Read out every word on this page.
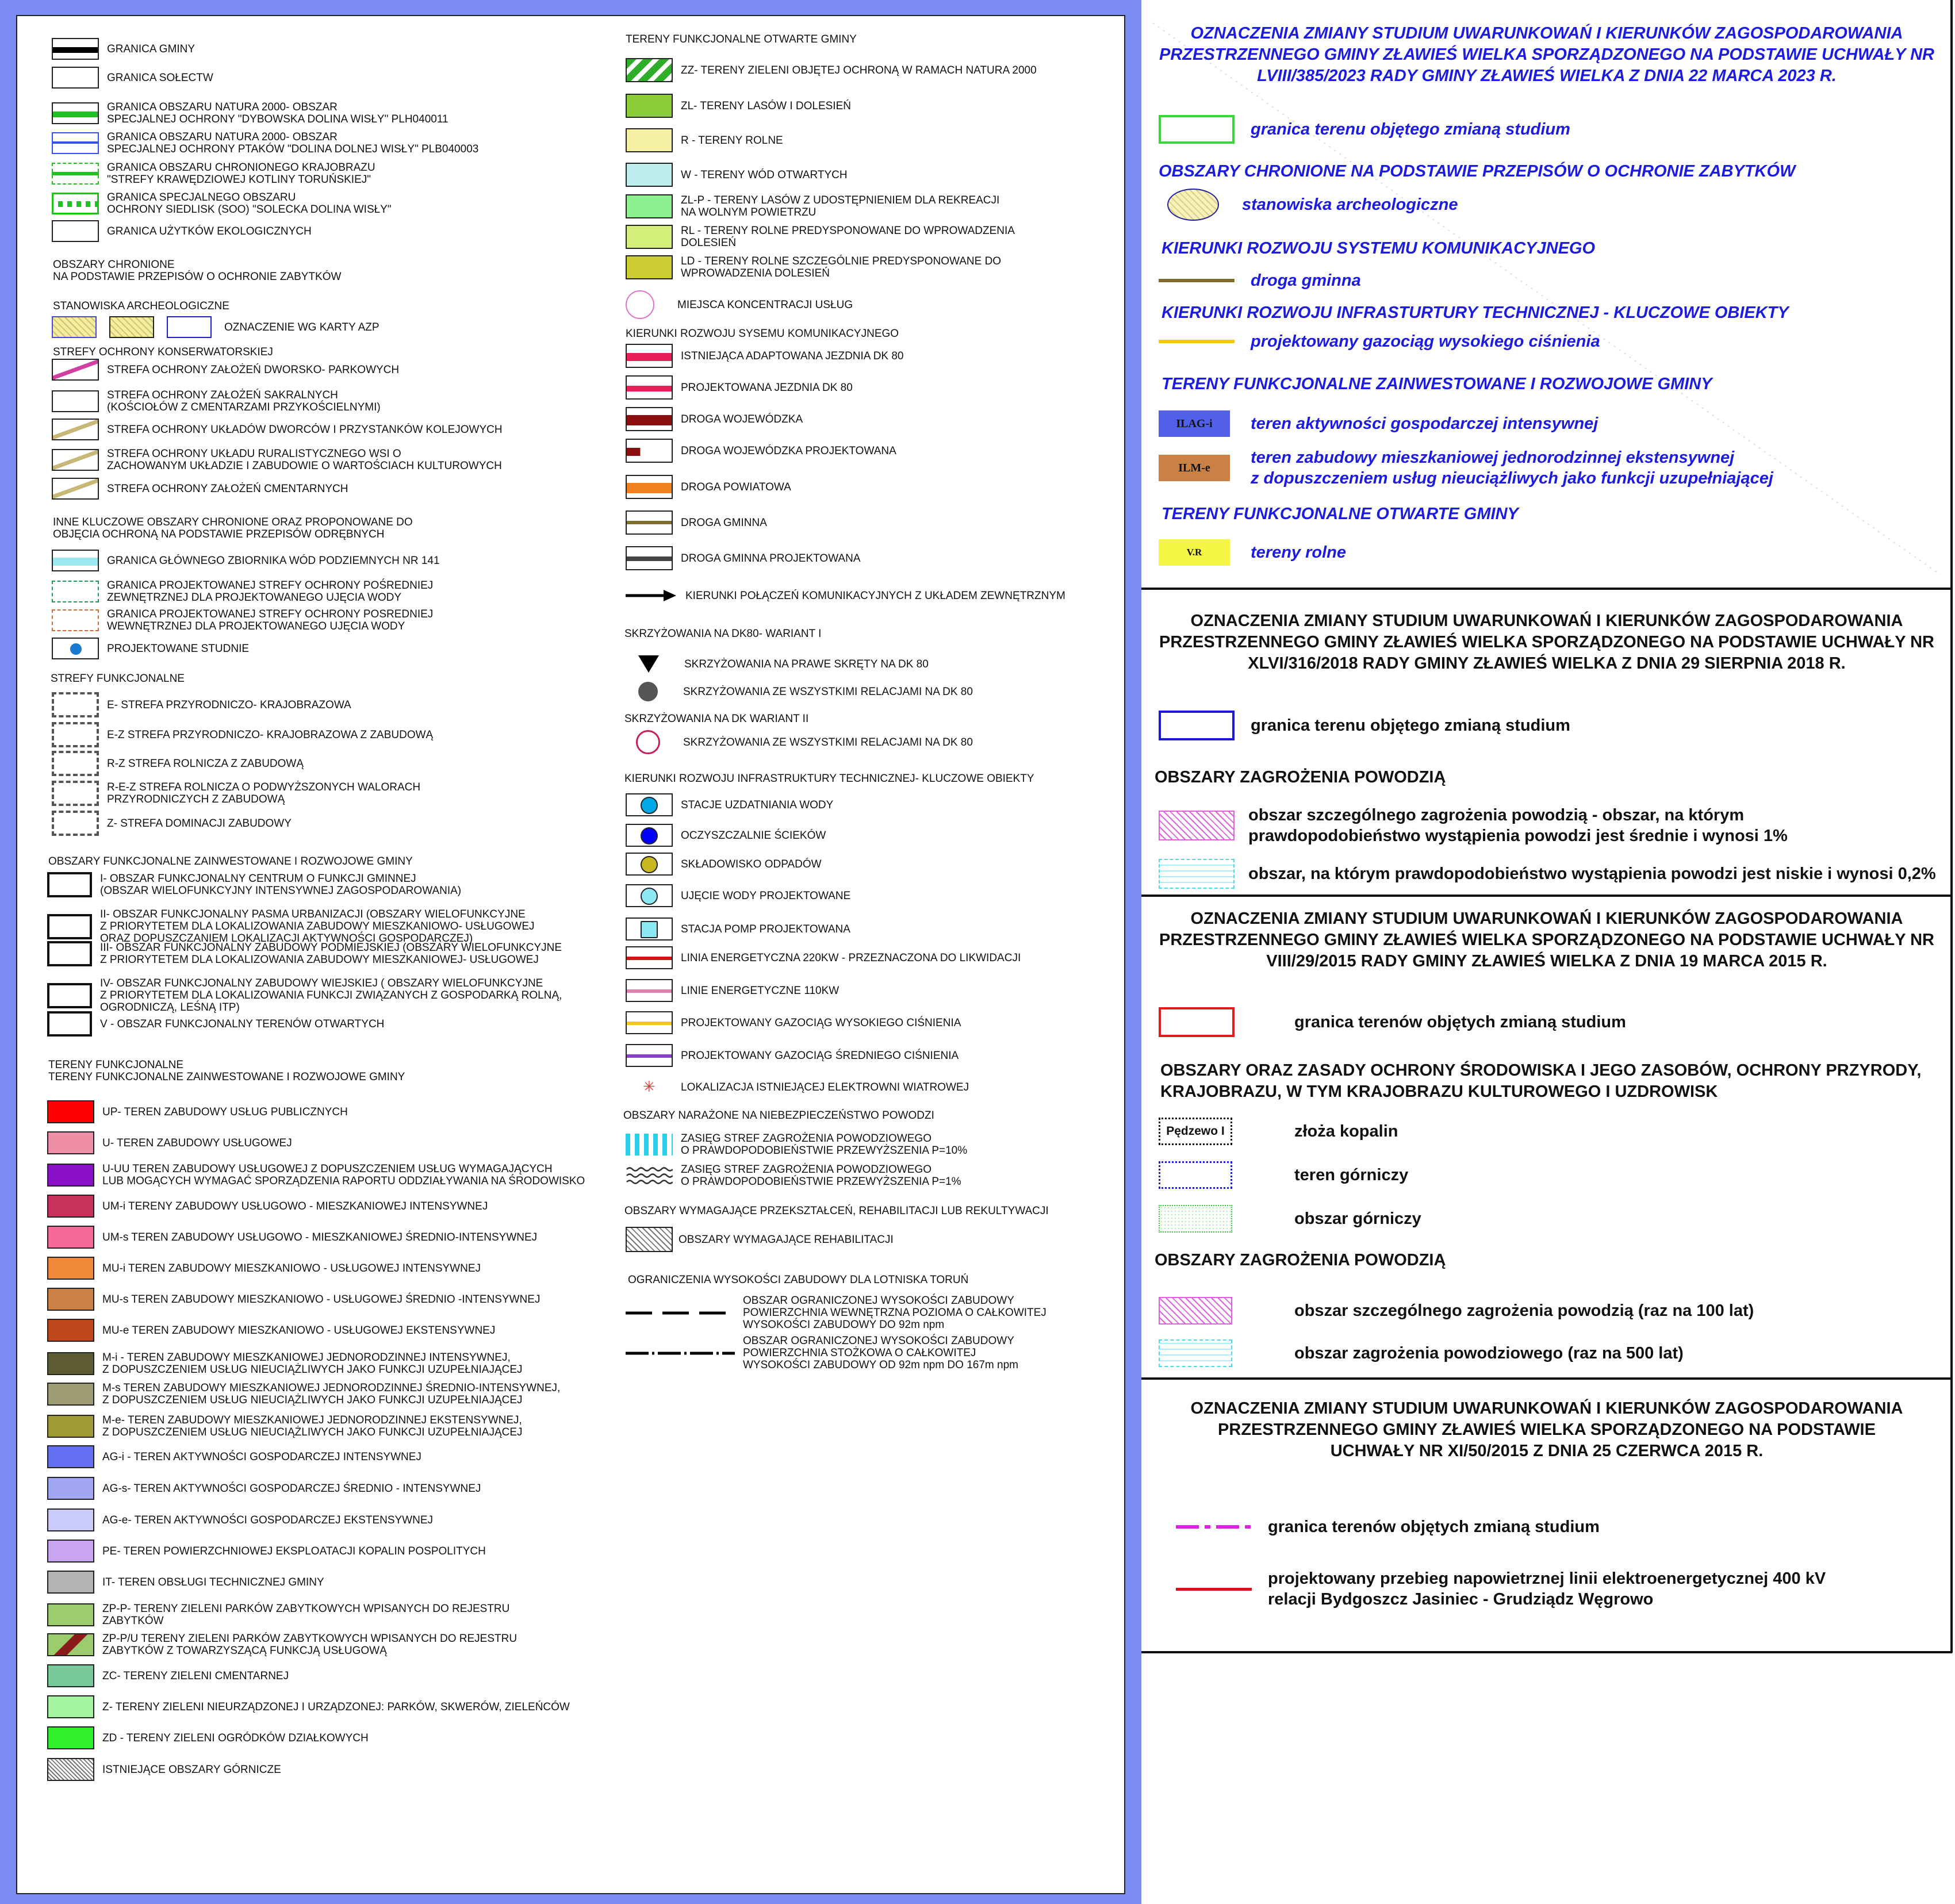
GRANICA GMINY
GRANICA SOŁECTW
GRANICA OBSZARU NATURA 2000- OBSZAR
SPECJALNEJ OCHRONY "DYBOWSKA DOLINA WISŁY" PLH040011
GRANICA OBSZARU NATURA 2000- OBSZAR
SPECJALNEJ OCHRONY PTAKÓW "DOLINA DOLNEJ WISŁY" PLB040003
GRANICA OBSZARU CHRONIONEGO KRAJOBRAZU
"STREFY KRAWĘDZIOWEJ KOTLINY TORUŃSKIEJ"
GRANICA SPECJALNEGO OBSZARU
OCHRONY SIEDLISK (SOO) "SOLECKA DOLINA WISŁY"
GRANICA UŻYTKÓW EKOLOGICZNYCH
STREFA OCHRONY ZAŁOŻEŃ DWORSKO- PARKOWYCH
STREFA OCHRONY ZAŁOŻEŃ SAKRALNYCH
(KOŚCIOŁÓW Z CMENTARZAMI PRZYKOŚCIELNYMI)
STREFA OCHRONY UKŁADÓW DWORCÓW I PRZYSTANKÓW KOLEJOWYCH
STREFA OCHRONY UKŁADU RURALISTYCZNEGO WSI O
ZACHOWANYM UKŁADZIE I ZABUDOWIE O WARTOŚCIACH KULTUROWYCH
STREFA OCHRONY ZAŁOŻEŃ CMENTARNYCH
GRANICA GŁÓWNEGO ZBIORNIKA WÓD PODZIEMNYCH NR 141
GRANICA PROJEKTOWANEJ STREFY OCHRONY POŚREDNIEJ
ZEWNĘTRZNEJ DLA PROJEKTOWANEGO UJĘCIA WODY
GRANICA PROJEKTOWANEJ STREFY OCHRONY POSREDNIEJ
WEWNĘTRZNEJ DLA PROJEKTOWANEGO UJĘCIA WODY
PROJEKTOWANE STUDNIE
E- STREFA PRZYRODNICZO- KRAJOBRAZOWA
E-Z STREFA PRZYRODNICZO- KRAJOBRAZOWA Z ZABUDOWĄ
R-Z STREFA ROLNICZA Z ZABUDOWĄ
R-E-Z STREFA ROLNICZA O PODWYŻSZONYCH WALORACH
PRZYRODNICZYCH Z ZABUDOWĄ
Z- STREFA DOMINACJI ZABUDOWY
I- OBSZAR FUNKCJONALNY CENTRUM O FUNKCJI GMINNEJ
(OBSZAR WIELOFUNKCYJNY INTENSYWNEJ ZAGOSPODAROWANIA)
II- OBSZAR FUNKCJONALNY PASMA URBANIZACJI (OBSZARY WIELOFUNKCYJNE
Z PRIORYTETEM DLA LOKALIZOWANIA ZABUDOWY MIESZKANIOWO- USŁUGOWEJ
ORAZ DOPUSZCZANIEM LOKALIZACJI AKTYWNOŚCI GOSPODARCZEJ)
III- OBSZAR FUNKCJONALNY ZABUDOWY PODMIEJSKIEJ (OBSZARY WIELOFUNKCYJNE
Z PRIORYTETEM DLA LOKALIZOWANIA ZABUDOWY MIESZKANIOWEJ- USŁUGOWEJ
IV- OBSZAR FUNKCJONALNY ZABUDOWY WIEJSKIEJ ( OBSZARY WIELOFUNKCYJNE
Z PRIORYTETEM DLA LOKALIZOWANIA FUNKCJI ZWIĄZANYCH Z GOSPODARKĄ ROLNĄ,
OGRODNICZĄ, LEŚNĄ ITP)
V - OBSZAR FUNKCJONALNY TERENÓW OTWARTYCH
UP- TEREN ZABUDOWY USŁUG PUBLICZNYCH
U- TEREN ZABUDOWY USŁUGOWEJ
U-UU TEREN ZABUDOWY USŁUGOWEJ Z DOPUSZCZENIEM USŁUG WYMAGAJĄCYCH
LUB MOGĄCYCH WYMAGAĆ SPORZĄDZENIA RAPORTU ODDZIAŁYWANIA NA ŚRODOWISKO
UM-i TERENY ZABUDOWY USŁUGOWO - MIESZKANIOWEJ INTENSYWNEJ
UM-s TEREN ZABUDOWY USŁUGOWO - MIESZKANIOWEJ ŚREDNIO-INTENSYWNEJ
MU-i TEREN ZABUDOWY MIESZKANIOWO - USŁUGOWEJ INTENSYWNEJ
MU-s TEREN ZABUDOWY MIESZKANIOWO - USŁUGOWEJ ŚREDNIO -INTENSYWNEJ
MU-e TEREN ZABUDOWY MIESZKANIOWO - USŁUGOWEJ EKSTENSYWNEJ
M-i - TEREN ZABUDOWY MIESZKANIOWEJ JEDNORODZINNEJ INTENSYWNEJ,
Z DOPUSZCZENIEM USŁUG NIEUCIĄŻLIWYCH JAKO FUNKCJI UZUPEŁNIAJĄCEJ
M-s TEREN ZABUDOWY MIESZKANIOWEJ JEDNORODZINNEJ ŚREDNIO-INTENSYWNEJ,
Z DOPUSZCZENIEM USŁUG NIEUCIĄŻLIWYCH JAKO FUNKCJI UZUPEŁNIAJĄCEJ
M-e- TEREN ZABUDOWY MIESZKANIOWEJ JEDNORODZINNEJ EKSTENSYWNEJ,
Z DOPUSZCZENIEM USŁUG NIEUCIĄŻLIWYCH JAKO FUNKCJI UZUPEŁNIAJĄCEJ
AG-i - TEREN AKTYWNOŚCI GOSPODARCZEJ INTENSYWNEJ
AG-s- TEREN AKTYWNOŚCI GOSPODARCZEJ ŚREDNIO - INTENSYWNEJ
AG-e- TEREN AKTYWNOŚCI GOSPODARCZEJ EKSTENSYWNEJ
PE- TEREN POWIERZCHNIOWEJ EKSPLOATACJI KOPALIN POSPOLITYCH
IT- TEREN OBSŁUGI TECHNICZNEJ GMINY
ZP-P- TERENY ZIELENI PARKÓW ZABYTKOWYCH WPISANYCH DO REJESTRU
ZABYTKÓW
ZP-P/U TERENY ZIELENI PARKÓW ZABYTKOWYCH WPISANYCH DO REJESTRU
ZABYTKÓW Z TOWARZYSZĄCĄ FUNKCJĄ USŁUGOWĄ
ZC- TERENY ZIELENI CMENTARNEJ
Z- TERENY ZIELENI NIEURZĄDZONEJ I URZĄDZONEJ: PARKÓW, SKWERÓW, ZIELEŃCÓW
ZD - TERENY ZIELENI OGRÓDKÓW DZIAŁKOWYCH
ISTNIEJĄCE OBSZARY GÓRNICZE
OBSZARY CHRONIONE
NA PODSTAWIE PRZEPISÓW O OCHRONIE ZABYTKÓW
STANOWISKA ARCHEOLOGICZNE
OZNACZENIE WG KARTY AZP
STREFY OCHRONY KONSERWATORSKIEJ
INNE KLUCZOWE OBSZARY CHRONIONE ORAZ PROPONOWANE DO
OBJĘCIA OCHRONĄ NA PODSTAWIE PRZEPISÓW ODRĘBNYCH
STREFY FUNKCJONALNE
OBSZARY FUNKCJONALNE ZAINWESTOWANE I ROZWOJOWE GMINY
TERENY FUNKCJONALNE
TERENY FUNKCJONALNE ZAINWESTOWANE I ROZWOJOWE GMINY
ZZ- TERENY ZIELENI OBJĘTEJ OCHRONĄ W RAMACH NATURA 2000
ZL- TERENY LASÓW I DOLESIEŃ
R - TERENY ROLNE
W - TERENY WÓD OTWARTYCH
ZL-P - TERENY LASÓW Z UDOSTĘPNIENIEM DLA REKREACJI
NA WOLNYM POWIETRZU
RL - TERENY ROLNE PREDYSPONOWANE DO WPROWADZENIA
DOLESIEŃ
LD - TERENY ROLNE SZCZEGÓLNIE PREDYSPONOWANE DO
WPROWADZENIA DOLESIEŃ
ISTNIEJĄCA ADAPTOWANA JEZDNIA DK 80
PROJEKTOWANA JEZDNIA DK 80
DROGA WOJEWÓDZKA
DROGA WOJEWÓDZKA PROJEKTOWANA
DROGA POWIATOWA
DROGA GMINNA
DROGA GMINNA PROJEKTOWANA
STACJE UZDATNIANIA WODY
OCZYSZCZALNIE ŚCIEKÓW
SKŁADOWISKO ODPADÓW
UJĘCIE WODY PROJEKTOWANE
STACJA POMP PROJEKTOWANA
LINIA ENERGETYCZNA 220KW - PRZEZNACZONA DO LIKWIDACJI
LINIE ENERGETYCZNE 110KW
PROJEKTOWANY GAZOCIĄG WYSOKIEGO CIŚNIENIA
PROJEKTOWANY GAZOCIĄG ŚREDNIEGO CIŚNIENIA
✳ LOKALIZACJA ISTNIEJĄCEJ ELEKTROWNI WIATROWEJ
TERENY FUNKCJONALNE OTWARTE GMINY
MIEJSCA KONCENTRACJI USŁUG
KIERUNKI ROZWOJU SYSEMU KOMUNIKACYJNEGO
KIERUNKI POŁĄCZEŃ KOMUNIKACYJNYCH Z UKŁADEM ZEWNĘTRZNYM
SKRZYŻOWANIA NA DK80- WARIANT I
SKRZYŻOWANIA NA PRAWE SKRĘTY NA DK 80
SKRZYŻOWANIA ZE WSZYSTKIMI RELACJAMI NA DK 80
SKRZYŻOWANIA NA DK WARIANT II
SKRZYŻOWANIA ZE WSZYSTKIMI RELACJAMI NA DK 80
KIERUNKI ROZWOJU INFRASTRUKTURY TECHNICZNEJ- KLUCZOWE OBIEKTY
OBSZARY NARAŻONE NA NIEBEZPIECZEŃSTWO POWODZI
ZASIĘG STREF ZAGROŻENIA POWODZIOWEGO
O PRAWDOPODOBIEŃSTWIE PRZEWYŻSZENIA P=10%
ZASIĘG STREF ZAGROŻENIA POWODZIOWEGO
O PRAWDOPODOBIEŃSTWIE PRZEWYŻSZENIA P=1%
OBSZARY WYMAGAJĄCE PRZEKSZTAŁCEŃ, REHABILITACJI LUB REKULTYWACJI
OBSZARY WYMAGAJĄCE REHABILITACJI
OGRANICZENIA WYSOKOŚCI ZABUDOWY DLA LOTNISKA TORUŃ
OBSZAR OGRANICZONEJ WYSOKOŚCI ZABUDOWY
POWIERZCHNIA WEWNĘTRZNA POZIOMA O CAŁKOWITEJ
WYSOKOŚCI ZABUDOWY DO 92m npm
OBSZAR OGRANICZONEJ WYSOKOŚCI ZABUDOWY
POWIERZCHNIA STOŻKOWA O CAŁKOWITEJ
WYSOKOŚCI ZABUDOWY OD 92m npm DO 167m npm
OZNACZENIA ZMIANY STUDIUM UWARUNKOWAŃ I KIERUNKÓW ZAGOSPODAROWANIA
PRZESTRZENNEGO GMINY ZŁAWIEŚ WIELKA SPORZĄDZONEGO NA PODSTAWIE UCHWAŁY NR
LVIII/385/2023 RADY GMINY ZŁAWIEŚ WIELKA Z DNIA 22 MARCA 2023 R.
granica terenu objętego zmianą studium
OBSZARY CHRONIONE NA PODSTAWIE PRZEPISÓW O OCHRONIE ZABYTKÓW
stanowiska archeologiczne
KIERUNKI ROZWOJU SYSTEMU KOMUNIKACYJNEGO
droga gminna
KIERUNKI ROZWOJU INFRASTURTURY TECHNICZNEJ - KLUCZOWE OBIEKTY
projektowany gazociąg wysokiego ciśnienia
TERENY FUNKCJONALNE ZAINWESTOWANE I ROZWOJOWE GMINY
ILAG-i	teren aktywności gospodarczej intensywnej
ILM-e
teren zabudowy mieszkaniowej jednorodzinnej ekstensywnej
z dopuszczeniem usług nieuciążliwych jako funkcji uzupełniającej
TERENY FUNKCJONALNE OTWARTE GMINY
V.R	tereny rolne
OZNACZENIA ZMIANY STUDIUM UWARUNKOWAŃ I KIERUNKÓW ZAGOSPODAROWANIA
PRZESTRZENNEGO GMINY ZŁAWIEŚ WIELKA SPORZĄDZONEGO NA PODSTAWIE UCHWAŁY NR
XLVI/316/2018 RADY GMINY ZŁAWIEŚ WIELKA Z DNIA 29 SIERPNIA 2018 R.
granica terenu objętego zmianą studium
OBSZARY ZAGROŻENIA POWODZIĄ
obszar szczególnego zagrożenia powodzią - obszar, na którym
prawdopodobieństwo wystąpienia powodzi jest średnie i wynosi 1%
obszar, na którym prawdopodobieństwo wystąpienia powodzi jest niskie i wynosi 0,2%
OZNACZENIA ZMIANY STUDIUM UWARUNKOWAŃ I KIERUNKÓW ZAGOSPODAROWANIA
PRZESTRZENNEGO GMINY ZŁAWIEŚ WIELKA SPORZĄDZONEGO NA PODSTAWIE UCHWAŁY NR
VIII/29/2015 RADY GMINY ZŁAWIEŚ WIELKA Z DNIA 19 MARCA 2015 R.
granica terenów objętych zmianą studium
OBSZARY ORAZ ZASADY OCHRONY ŚRODOWISKA I JEGO ZASOBÓW, OCHRONY PRZYRODY,
KRAJOBRAZU, W TYM KRAJOBRAZU KULTUROWEGO I UZDROWISK
Pędzewo I	złoża kopalin
teren górniczy
obszar górniczy
OBSZARY ZAGROŻENIA POWODZIĄ
obszar szczególnego zagrożenia powodzią (raz na 100 lat)
obszar zagrożenia powodziowego (raz na 500 lat)
OZNACZENIA ZMIANY STUDIUM UWARUNKOWAŃ I KIERUNKÓW ZAGOSPODAROWANIA
PRZESTRZENNEGO GMINY ZŁAWIEŚ WIELKA SPORZĄDZONEGO NA PODSTAWIE
UCHWAŁY NR XI/50/2015 Z DNIA 25 CZERWCA 2015 R.
granica terenów objętych zmianą studium
projektowany przebieg napowietrznej linii elektroenergetycznej 400 kV
relacji Bydgoszcz Jasiniec - Grudziądz Węgrowo
